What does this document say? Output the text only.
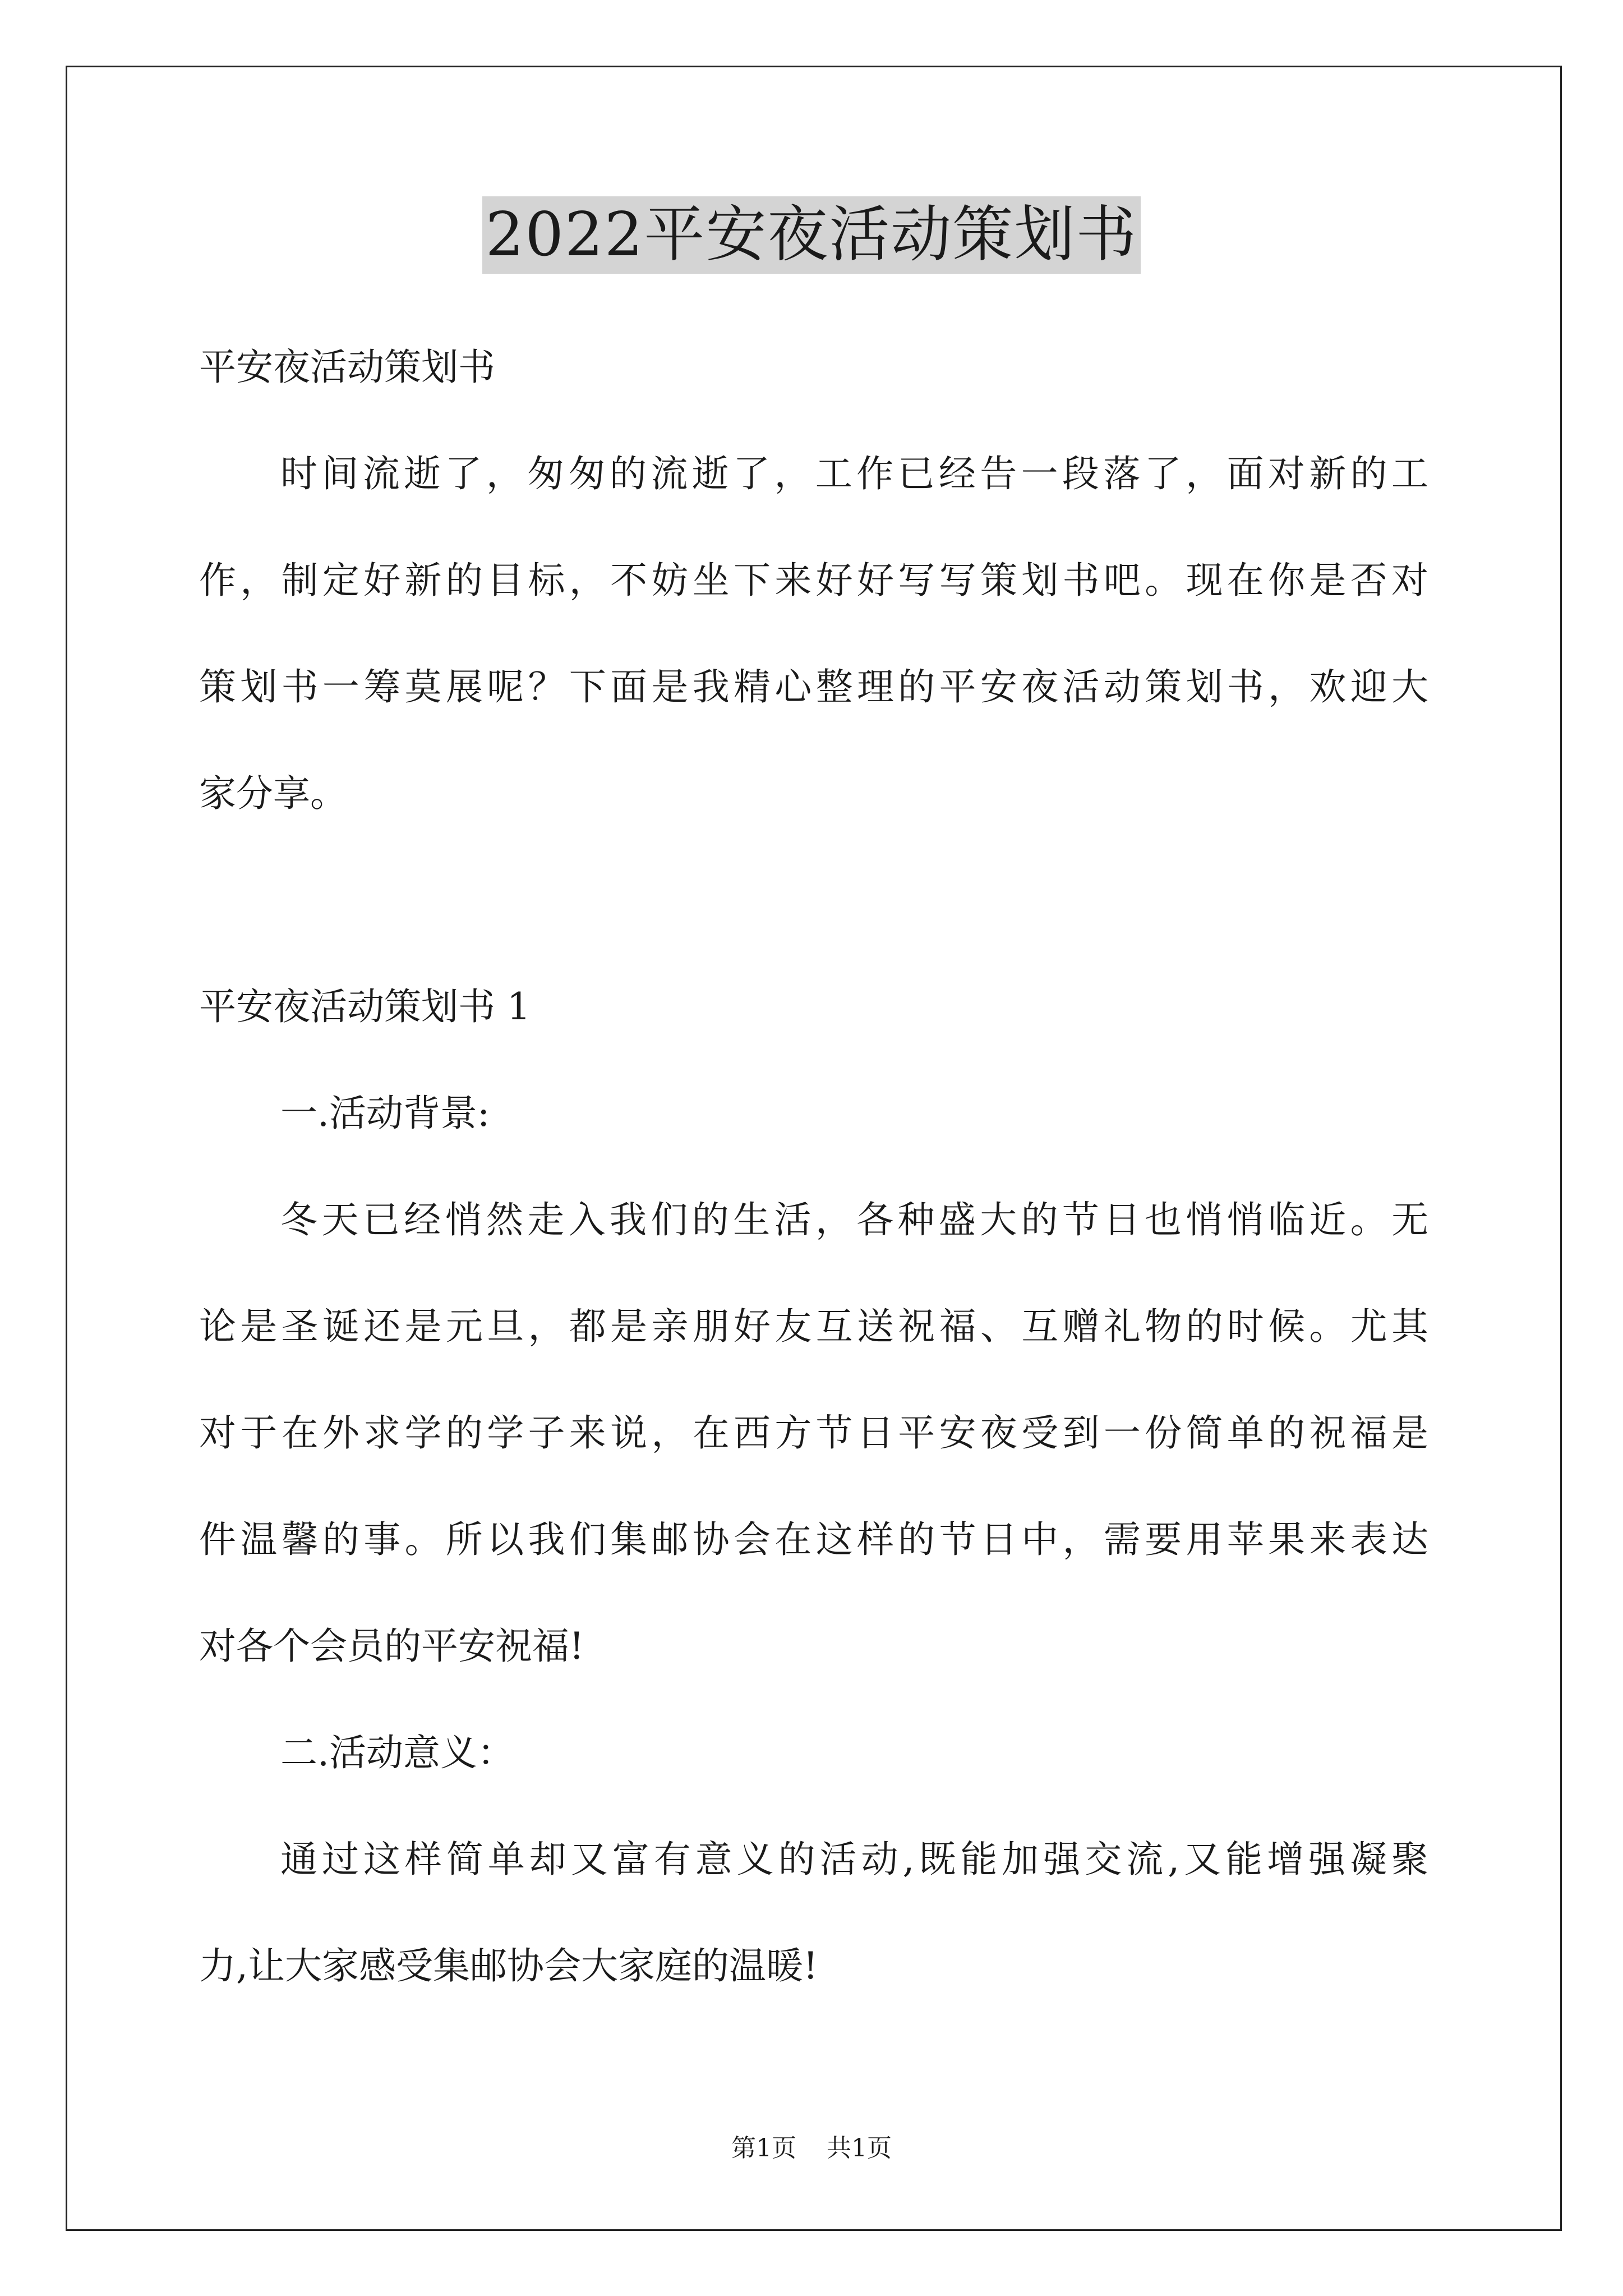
2022平安夜活动策划书
平安夜活动策划书
时间流逝了，匆匆的流逝了，工作已经告一段落了，面对新的工
作，制定好新的目标，不妨坐下来好好写写策划书吧。现在你是否对
策划书一筹莫展呢？下面是我精心整理的平安夜活动策划书，欢迎大
家分享。
平安夜活动策划书 1
一.活动背景:
冬天已经悄然走入我们的生活，各种盛大的节日也悄悄临近。无
论是圣诞还是元旦，都是亲朋好友互送祝福、互赠礼物的时候。尤其
对于在外求学的学子来说，在西方节日平安夜受到一份简单的祝福是
件温馨的事。所以我们集邮协会在这样的节日中，需要用苹果来表达
对各个会员的平安祝福!
二.活动意义：
通过这样简单却又富有意义的活动,既能加强交流,又能增强凝聚
力,让大家感受集邮协会大家庭的温暖!
第1页 共1页
